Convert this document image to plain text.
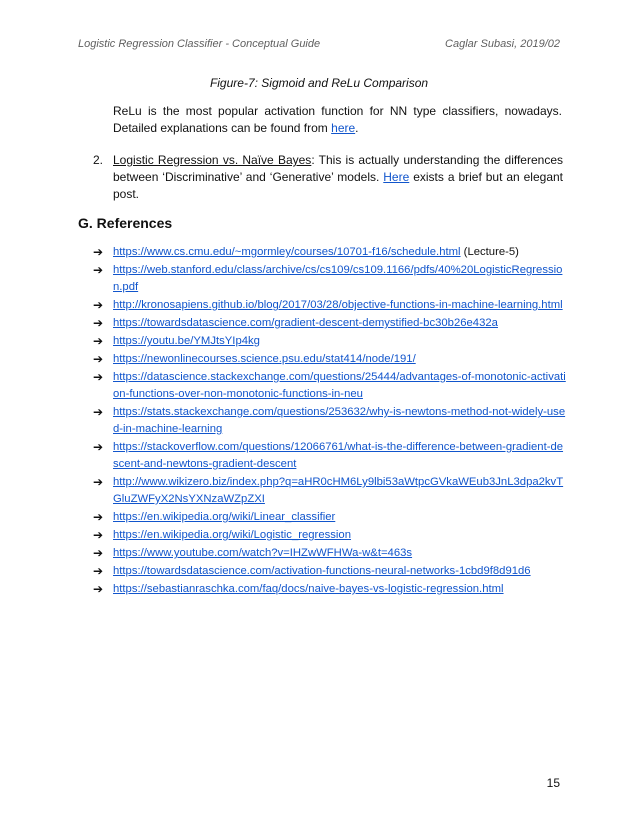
Logistic Regression Classifier - Conceptual Guide	Caglar Subasi, 2019/02
Figure-7: Sigmoid and ReLu Comparison
ReLu is the most popular activation function for NN type classifiers, nowadays. Detailed explanations can be found from here.
2. Logistic Regression vs. Naïve Bayes: This is actually understanding the differences between ‘Discriminative’ and ‘Generative’ models. Here exists a brief but an elegant post.
G. References
➔ https://www.cs.cmu.edu/~mgormley/courses/10701-f16/schedule.html (Lecture-5)
➔ https://web.stanford.edu/class/archive/cs/cs109/cs109.1166/pdfs/40%20LogisticRegression.pdf
➔ http://kronosapiens.github.io/blog/2017/03/28/objective-functions-in-machine-learning.html
➔ https://towardsdatascience.com/gradient-descent-demystified-bc30b26e432a
➔ https://youtu.be/YMJtsYIp4kg
➔ https://newonlinecourses.science.psu.edu/stat414/node/191/
➔ https://datascience.stackexchange.com/questions/25444/advantages-of-monotonic-activation-functions-over-non-monotonic-functions-in-neu
➔ https://stats.stackexchange.com/questions/253632/why-is-newtons-method-not-widely-used-in-machine-learning
➔ https://stackoverflow.com/questions/12066761/what-is-the-difference-between-gradient-descent-and-newtons-gradient-descent
➔ http://www.wikizero.biz/index.php?q=aHR0cHM6Ly9lbi53aWtpcGVkaWEub3JnL3dpa2kvTGluZWFyX2NsYXNzaWZpZXI
➔ https://en.wikipedia.org/wiki/Linear_classifier
➔ https://en.wikipedia.org/wiki/Logistic_regression
➔ https://www.youtube.com/watch?v=IHZwWFHWa-w&t=463s
➔ https://towardsdatascience.com/activation-functions-neural-networks-1cbd9f8d91d6
➔ https://sebastianraschka.com/faq/docs/naive-bayes-vs-logistic-regression.html
15
